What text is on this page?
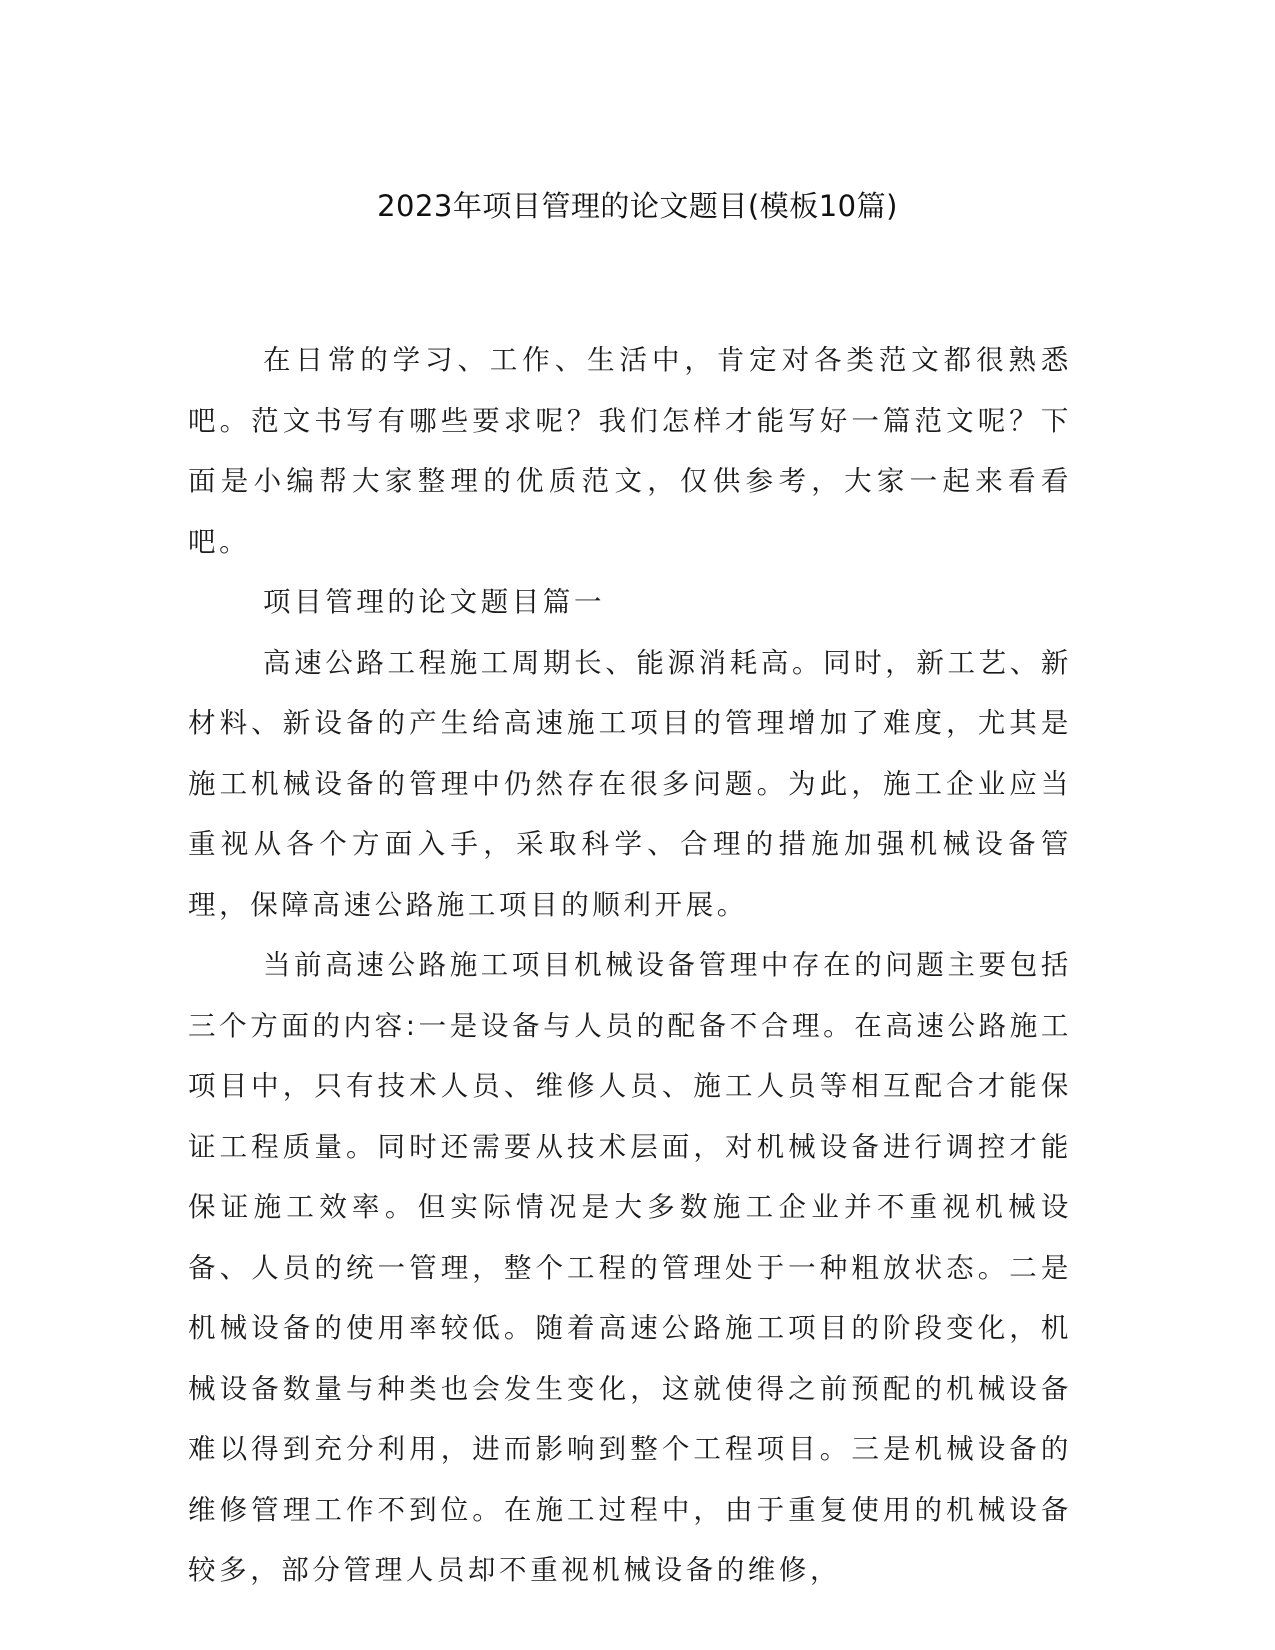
2023年项目管理的论文题目(模板10篇)

在日常的学习、工作、生活中，肯定对各类范文都很熟悉吧。范文书写有哪些要求呢？我们怎样才能写好一篇范文呢？下面是小编帮大家整理的优质范文，仅供参考，大家一起来看看吧。

项目管理的论文题目篇一

高速公路工程施工周期长、能源消耗高。同时，新工艺、新材料、新设备的产生给高速施工项目的管理增加了难度，尤其是施工机械设备的管理中仍然存在很多问题。为此，施工企业应当重视从各个方面入手，采取科学、合理的措施加强机械设备管理，保障高速公路施工项目的顺利开展。

当前高速公路施工项目机械设备管理中存在的问题主要包括三个方面的内容:一是设备与人员的配备不合理。在高速公路施工项目中，只有技术人员、维修人员、施工人员等相互配合才能保证工程质量。同时还需要从技术层面，对机械设备进行调控才能保证施工效率。但实际情况是大多数施工企业并不重视机械设备、人员的统一管理，整个工程的管理处于一种粗放状态。二是机械设备的使用率较低。随着高速公路施工项目的阶段变化，机械设备数量与种类也会发生变化，这就使得之前预配的机械设备难以得到充分利用，进而影响到整个工程项目。三是机械设备的维修管理工作不到位。在施工过程中，由于重复使用的机械设备较多，部分管理人员却不重视机械设备的维修，
